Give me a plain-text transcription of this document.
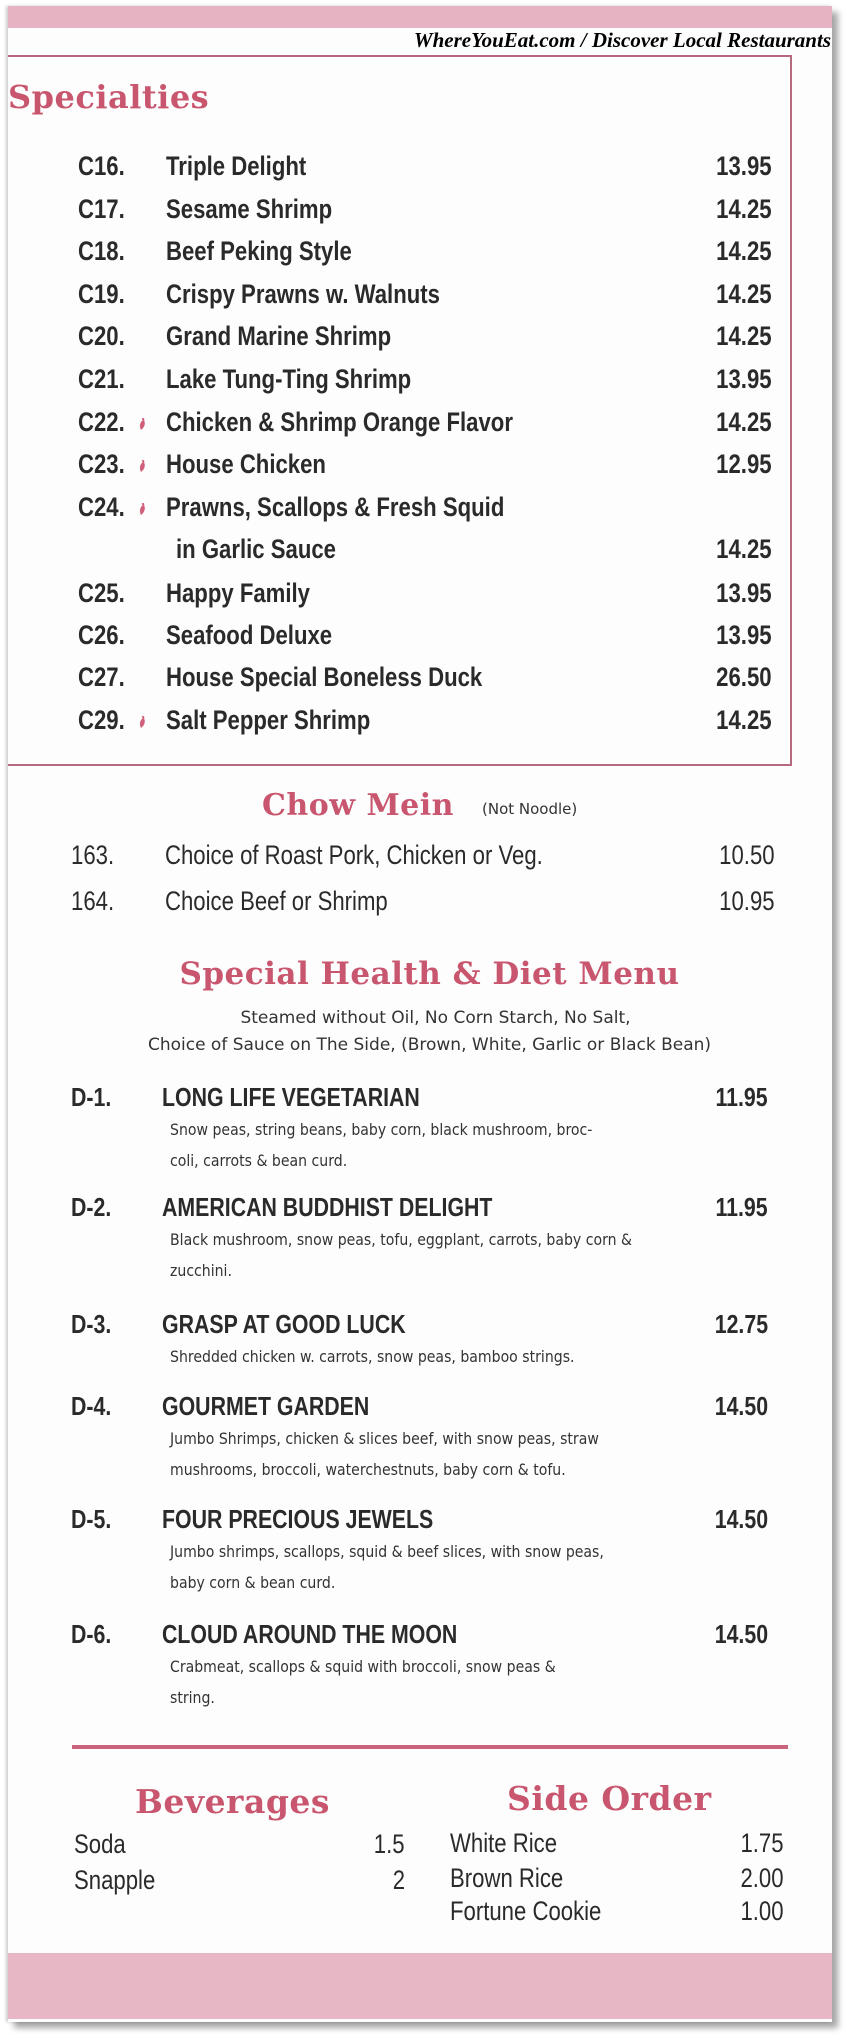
WhereYouEat.com / Discover Local Restaurants
Specialties
C16. Triple Delight	13.95
C17. Sesame Shrimp	14.25
C18. Beef Peking Style	14.25
C19. Crispy Prawns w. Walnuts	14.25
C20. Grand Marine Shrimp	14.25
C21. Lake Tung-Ting Shrimp	13.95
C22. Chicken & Shrimp Orange Flavor	14.25
C23. House Chicken	12.95
C24. Prawns, Scallops & Fresh Squid
in Garlic Sauce	14.25
C25. Happy Family	13.95
C26. Seafood Deluxe	13.95
C27. House Special Boneless Duck	26.50
C29. Salt Pepper Shrimp	14.25
Chow Mein (Not Noodle)
163. Choice of Roast Pork, Chicken or Veg.	10.50
164. Choice Beef or Shrimp	10.95
Special Health & Diet Menu
Steamed without Oil, No Corn Starch, No Salt,
Choice of Sauce on The Side, (Brown, White, Garlic or Black Bean)
D-1. LONG LIFE VEGETARIAN	11.95
Snow peas, string beans, baby corn, black mushroom, broc-
coli, carrots & bean curd.
D-2. AMERICAN BUDDHIST DELIGHT	11.95
Black mushroom, snow peas, tofu, eggplant, carrots, baby corn &
zucchini.
D-3. GRASP AT GOOD LUCK	12.75
Shredded chicken w. carrots, snow peas, bamboo strings.
D-4. GOURMET GARDEN	14.50
Jumbo Shrimps, chicken & slices beef, with snow peas, straw
mushrooms, broccoli, waterchestnuts, baby corn & tofu.
D-5. FOUR PRECIOUS JEWELS	14.50
Jumbo shrimps, scallops, squid & beef slices, with snow peas,
baby corn & bean curd.
D-6. CLOUD AROUND THE MOON	14.50
Crabmeat, scallops & squid with broccoli, snow peas &
string.
Beverages	Side Order
Soda	1.5
Snapple	2
White Rice	1.75
Brown Rice	2.00
Fortune Cookie	1.00
